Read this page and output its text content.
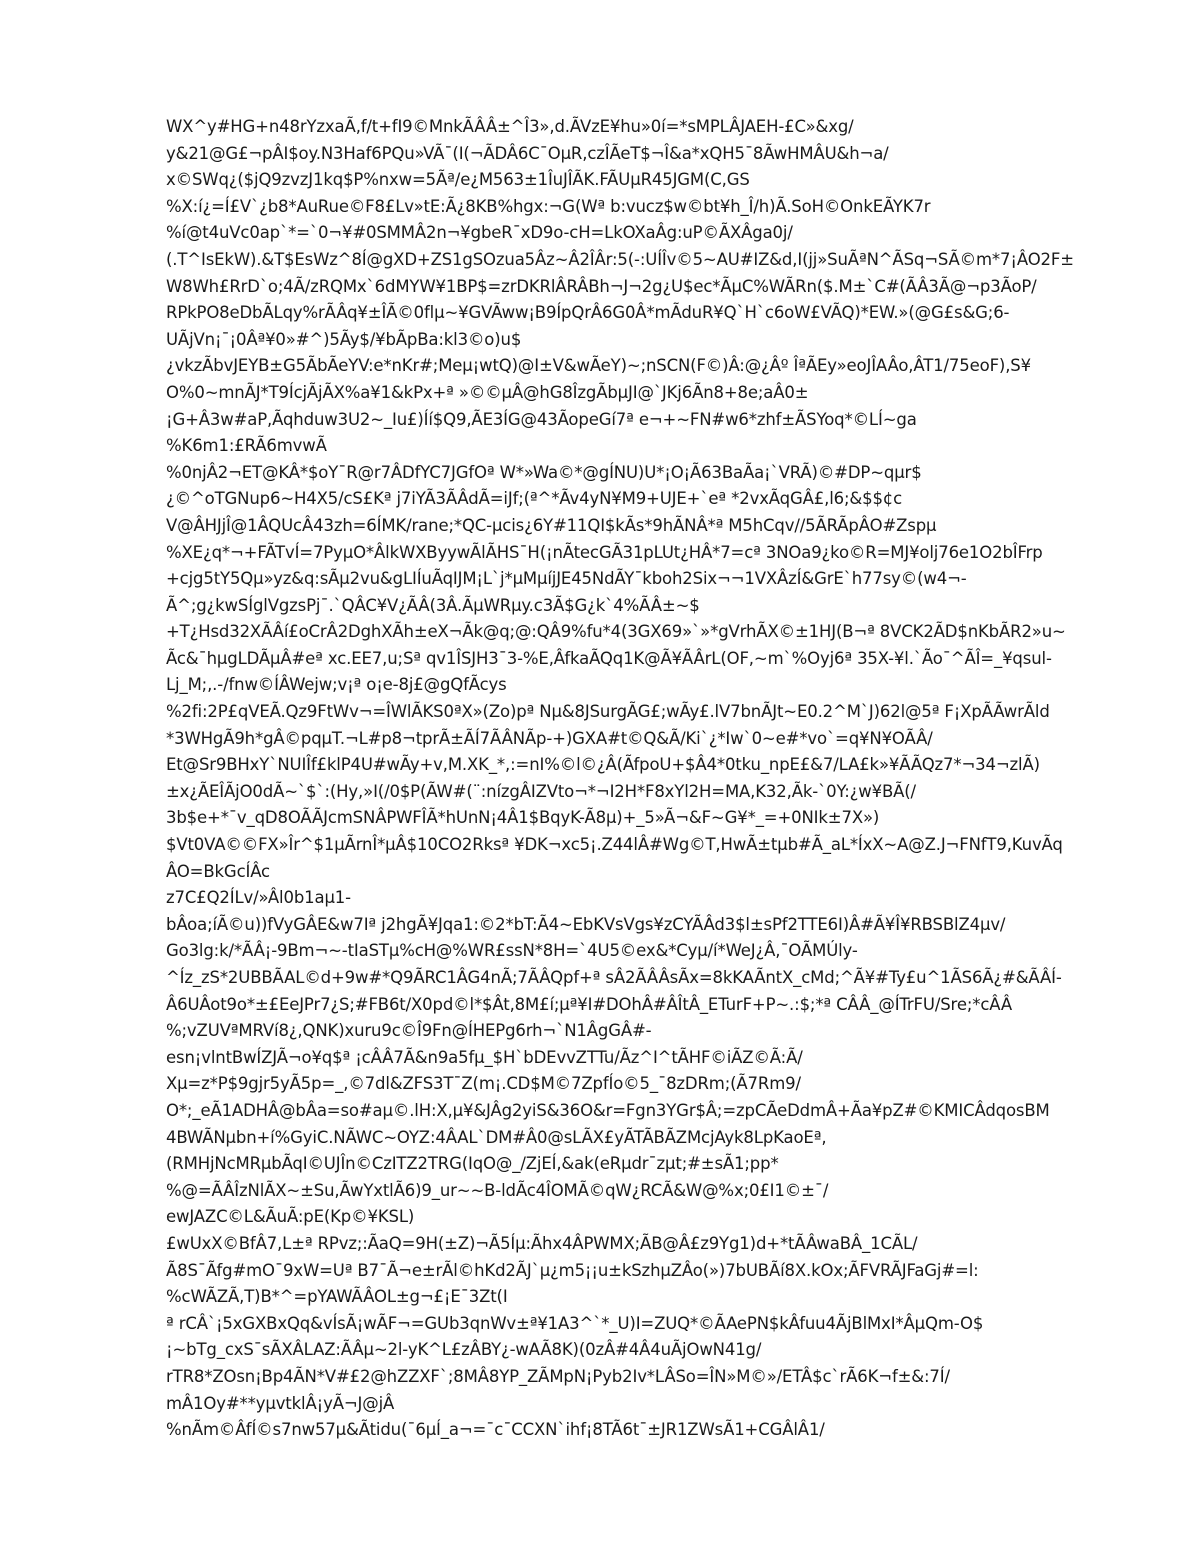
WX^y#HG+n48rYzxaÃ‚f/t+fI9©MnkÃÂÂ±^Î3»,d.ÃVzE¥hu»0í=*sMPLÂJAEH-£C»&xg/
y&21@G£¬pÂI$oy.N3Haf6PQu»VÃ¯(I(¬ÃDÂ6C¯OµR,czÎÃeT$¬Î&a*xQH5¯8ÃwHMÂU&h¬a/
x©SWq¿($jQ9zvzJ1kq$P%nxw=5Ãª/e¿M563±1ÎuJÎÃK.FÃUµR45JGM(C,GS
%X:í¿=Í£V`¿b8*AuRue©F8£Lv»tE:Ã¿8KB%hgx:¬G(Wª b:vucz$w©bt¥h_Î/h)Ã.SoH©OnkEÃYK7r
%í@t4uVc0ap`*=`0¬¥#0SMMÂ2n¬¥gbeR¯xD9o-cH=LkOXaÂg:uP©ÃXÂga0j/
(.T^IsEkW).&T$EsWz^8Í@gXD+ZS1gSOzua5Âz~Â2ÎÂr:5(-:UÍÎv©5~AU#IZ&d,I(jj»SuÃªN^ÃSq¬SÃ©m*7¡ÂO2F±
W8Wh£RrD`o;4Ã/zRQMx`6dMYW¥1BP$=zrDKRlÂRÂBh¬J¬2g¿U$ec*ÃµC%WÃRn($.M±`C#(ÃÂ3Ã@¬p3ÃoP/
RPkPO8eDbÃLqy%rÃÂq¥±ÎÃ©0flµ~¥GVÃww¡B9ÍpQrÂ6G0Â*mÃduR¥Q`H`c6oW£VÃQ)*EW.»(@G£s&G;6-
UÃjVn¡¯¡0Âª¥0»#^)5Ãy$/¥bÃpBa:kl3©o)u$
¿vkzÃbvJEYB±G5ÃbÃeYV:e*nKr#;Meµ¡wtQ)@I±V&wÃeY)~;nSCN(F©)Â:@¿Âº ÎªÃEy»eoJÎAÂo,ÂT1/75eoF),S¥
O%0~mnÃJ*T9ÍcjÃjÃX%a¥1&kPx+ª »©©µÂ@hG8ÎzgÃbµJI@`JKj6Ãn8+8e;aÂ0±
¡G+Â3w#aP,Ãqhduw3U2~_Iu£)Íí$Q9,ÃE3ÍG@43ÃopeGí7ª e¬+~FN#w6*zhf±ÃSYoq*©LÍ~ga
%K6m1:£RÃ6mvwÃ
%0njÂ2¬ET@KÂ*$oY¯R@r7ÂDfYC7JGfOª W*»Wa©*@gÍNU)U*¡O¡Ã63BaÃa¡`VRÃ)©#DP~qµr$
¿©^oTGNup6~H4X5/cS£Kª j7iYÃ3ÃÂdÃ=iJf;(ª^*Ãv4yN¥M9+UJE+`eª *2vxÃqGÂ£,l6;&$$¢c
V@ÂHJjÎ@1ÂQUcÂ43zh=6ÍMK/rane;*QC-µcis¿6Y#11QI$kÃs*9hÃNÂ*ª M5hCqv//5ÃRÃpÂO#Zspµ
%XE¿q*¬+FÃTvÍ=7PyµO*ÂlkWXByywÃlÃHS¯H(¡nÃtecGÃ31pLUt¿HÂ*7=cª 3NOa9¿ko©R=MJ¥olj76e1O2bÎFrp
+cjg5tY5Qµ»yz&q:sÃµ2vu&gLIÍuÃqIJM¡L`j*µMµíjJE45NdÃY¯kboh2Six¬¬1VXÂzÍ&GrE`h77sy©(w4¬-
Ã^;g¿kwSÍglVgzsPj¯.`QÂC¥V¿ÃÂ(3Â.ÃµWRµy.c3Ã$G¿k`4%ÃÂ±~$
+T¿Hsd32XÃÂí£oCrÂ2DghXÃh±eX¬Ãk@q;@:QÂ9%fu*4(3GX69»`»*gVrhÃX©±1HJ(B¬ª 8VCK2ÃD$nKbÃR2»u~
Ãc&¯hµgLDÃµÂ#eª xc.EE7,u;Sª qv1ÎSJH3¯3-%E,ÂfkaÃQq1K@Ã¥ÃÂrL(OF,~m`%Oyj6ª 35X-¥l.`Ão¯^ÃÎ=_¥qsul-
Lj_M;,.-/fnw©ÍÂWejw;v¡ª o¡e-8j£@gQfÃcys
%2fi:2P£qVEÃ.Qz9FtWv¬=ÎWlÃKS0ªX»(Zo)pª Nµ&8JSurgÃG£;wÃy£.lV7bnÃJt~E0.2^M`J)62l@5ª F¡XpÃÃwrÃld
*3WHgÃ9h*gÂ©pqµT.¬L#p8¬tprÃ±ÃÍ7ÃÂNÃp-+)GXA#t©Q&Ã/Ki`¿*Iw`0~e#*vo`=q¥N¥OÃÂ/
Et@Sr9BHxY`NUIÎf£klP4U#wÃy+v,M.XK_*,:=nI%©l©¿Â(ÃfpoU+$Â4*0tku_npE£&7/LA£k»¥ÃÃQz7*¬34¬zlÃ)
±x¿ÃEÎÃjO0dÃ~`$`:(Hy,»I(/0$P(ÃW#(¨:nízgÂIZVto¬*¬I2H*F8xYl2H=MA,K32,Ãk-`0Y:¿w¥BÃ(/
3b$e+*¯v_qD8OÃÃJcmSNÂPWFÎÃ*hUnN¡4Â1$BqyK-Ã8µ)+_5»Ã¬&F~G¥*_=+0NIk±7X»)
$Vt0VA©©FX»Îr^$1µÃrnÎ*µÂ$10CO2Rksª ¥DK¬xc5¡.Z44lÂ#Wg©T,HwÃ±tµb#Ã_aL*ÍxX~A@Z.J¬FNfT9,KuvÃq
ÂO=BkGcÍÂc
z7C£Q2ÍLv/»Âl0b1aµ1-
bÂoa;íÃ©u))fVyGÂE&w7Iª j2hgÃ¥Jqa1:©2*bT:Ã4~EbKVsVgs¥zCYÃÂd3$l±sPf2TTE6I)Â#Ã¥Î¥RBSBlZ4µv/
Go3lg:k/*ÃÂ¡-9Bm¬~-tIaSTµ%cH@%WR£ssN*8H=`4U5©ex&*Cyµ/í*WeJ¿Â,¯OÃMÚly-
^Íz_zS*2UBBÃAL©d+9w#*Q9ÃRC1ÂG4nÃ;7ÃÂQpf+ª sÂ2ÃÂÂsÃx=8kKAÃntX_cMd;^Ã¥#Ty£u^1ÃS6Ã¿#&ÃÂÍ-
Â6UÂot9o*±£EeJPr7¿S;#FB6t/X0pd©l*$Ât,8M£í;µª¥I#DOhÂ#ÂÎtÂ_ETurF+P~.:$;*ª CÂÂ_@ÍTrFU/Sre;*cÂÂ
%;vZUVªMRVí8¿,QNK)xuru9c©Î9Fn@ÍHEPg6rh¬`N1ÂgGÂ#-
esn¡vlntBwÍZJÃ¬o¥q$ª ¡cÂÂ7Ã&n9a5fµ_$H`bDEvvZTTu/Ãz^I^tÃHF©iÃZ©Ã:Ã/
Xµ=z*P$9gjr5yÃ5p=_,©7dl&ZFS3T¯Z(m¡.CD$M©7ZpfÍo©5_¯8zDRm;(Ã7Rm9/
O*;_eÃ1ADHÂ@bÂa=so#aµ©.lH:X,µ¥&JÂg2yiS&36O&r=Fgn3YGr$Â;=zpCÃeDdmÂ+Ãa¥pZ#©KMICÂdqosBM
4BWÃNµbn+í%GyiC.NÃWC~OYZ:4ÂAL`DM#Â0@sLÃX£yÃTÃBÃZMcjAyk8LpKaoEª,
(RMHjNcMRµbÃqI©UJÎn©CzITZ2TRG(IqO@_/ZjEÍ,&ak(eRµdr¯zµt;#±sÃ1;pp*
%@=ÃÂÎzNlÃX~±Su,ÃwYxtlÃ6)9_ur~~B-ldÃc4ÎOMÃ©qW¿RCÃ&W@%x;0£I1©±¯/
ewJAZC©L&ÃuÃ:pE(Kp©¥KSL)
£wUxX©BfÂ7,L±ª RPvz;:ÃaQ=9H(±Z)¬Ã5Íµ:Ãhx4ÂPWMX;ÃB@Â£z9Yg1)d+*tÃÂwaBÂ_1CÃL/
Ã8S¯Ãfg#mO¯9xW=Uª B7¯Ã¬e±rÃl©hKd2ÃJ`µ¿m5¡¡u±kSzhµZÂo(»)7bUBÃí8X.kOx;ÃFVRÃJFaGj#=l:
%cWÃZÃ,T)B*^=pYAWÃÂOL±g¬£¡E¯3Zt(I
ª rCÂ`¡5xGXBxQq&vÍsÃ¡wÃF¬=GUb3qnWv±ª¥1A3^`*_U)I=ZUQ*©ÃAePN$kÂfuu4ÃjBlMxI*ÂµQm-O$
¡~bTg_cxS¯sÃXÂLAZ:ÃÂµ~2l-yK^L£zÂBY¿-wAÃ8K)(0zÂ#4Â4uÃjOwN41g/
rTR8*ZOsn¡Bp4ÃN*V#£2@hZZXF`;8MÂ8YP_ZÃMpN¡Pyb2Iv*LÂSo=ÎN»M©»/ETÂ$c`rÃ6K¬f±&:7Í/
mÂ1Oy#**yµvtklÂ¡yÃ¬J@jÂ
%nÃm©ÂfÍ©s7nw57µ&Ãtidu(¯6µÍ_a¬=¯c¯CCXN`ihf¡8TÃ6t¯±JR1ZWsÃ1+CGÂlÂ1/
